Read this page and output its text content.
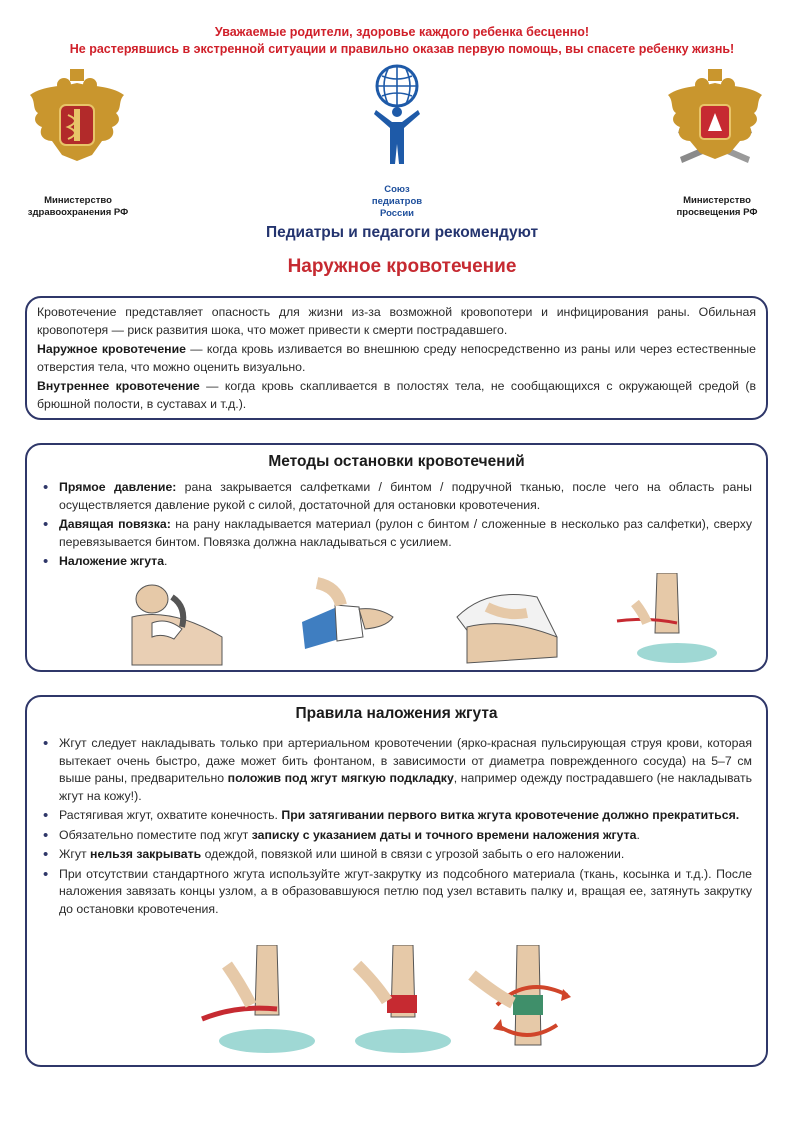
Уважаемые родители, здоровье каждого ребенка бесценно!
Не растерявшись в экстренной ситуации и правильно оказав первую помощь, вы спасете ребенку жизнь!
Министерство
здравоохранения РФ
Союз
педиатров
России
Министерство
просвещения РФ
Педиатры и педагоги рекомендуют
Наружное кровотечение

Кровотечение представляет опасность для жизни из-за возможной кровопотери и инфицирования раны. Обильная кровопотеря — риск развития шока, что может привести к смерти пострадавшего.

Наружное кровотечение — когда кровь изливается во внешнюю среду непосредственно из раны или через естественные отверстия тела, что можно оценить визуально.

Внутреннее кровотечение — когда кровь скапливается в полостях тела, не сообщающихся с окружающей средой (в брюшной полости, в суставах и т.д.).

Методы остановки кровотечений
• Прямое давление: рана закрывается салфетками / бинтом / подручной тканью, после чего на область раны осуществляется давление рукой с силой, достаточной для остановки кровотечения.
• Давящая повязка: на рану накладывается материал (рулон с бинтом / сложенные в несколько раз салфетки), сверху перевязывается бинтом. Повязка должна накладываться с усилием.
• Наложение жгута.
Правила наложения жгута
• Жгут следует накладывать только при артериальном кровотечении (ярко-красная пульсирующая струя крови, которая вытекает очень быстро, даже может бить фонтаном, в зависимости от диаметра поврежденного сосуда) на 5–7 см выше раны, предварительно положив под жгут мягкую подкладку, например одежду пострадавшего (не накладывать жгут на кожу!).
• Растягивая жгут, охватите конечность. При затягивании первого витка жгута кровотечение должно прекратиться.
• Обязательно поместите под жгут записку с указанием даты и точного времени наложения жгута.
• Жгут нельзя закрывать одеждой, повязкой или шиной в связи с угрозой забыть о его наложении.
• При отсутствии стандартного жгута используйте жгут-закрутку из подсобного материала (ткань, косынка и т.д.). После наложения завязать концы узлом, а в образовавшуюся петлю под узел вставить палку и, вращая ее, затянуть закрутку до остановки кровотечения.
